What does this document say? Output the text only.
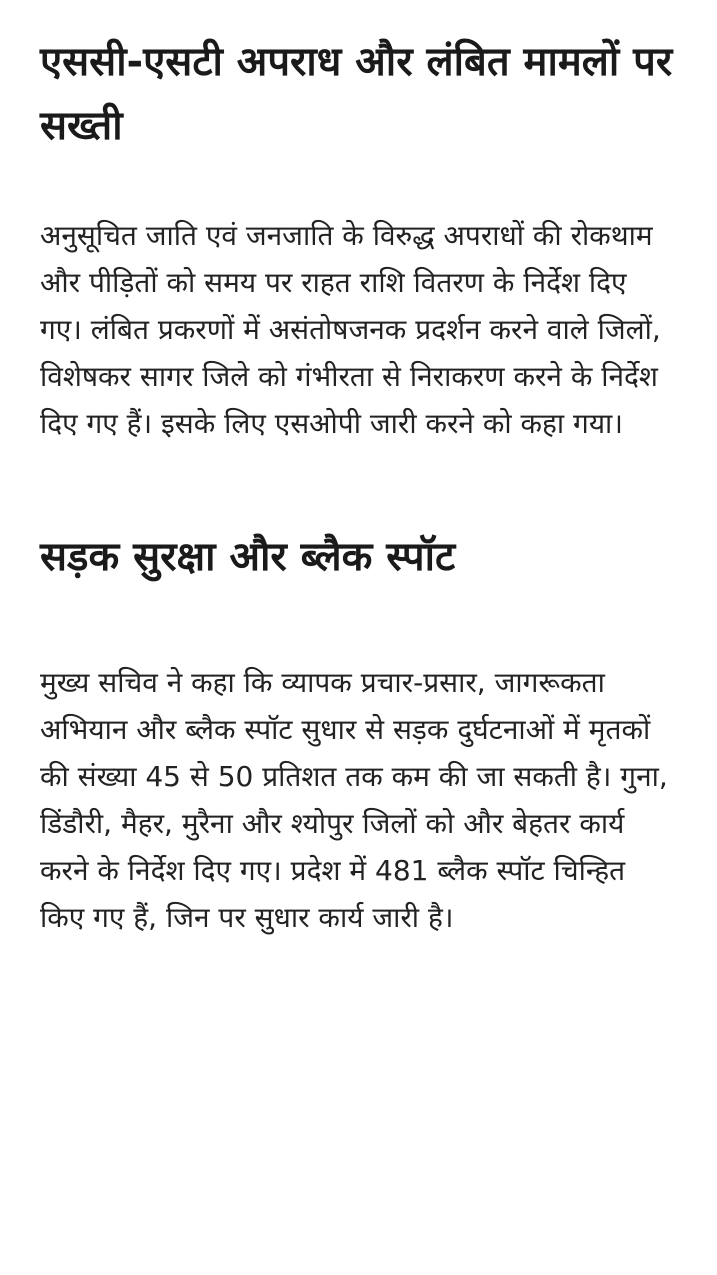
एससी-एसटी अपराध और लंबित मामलों पर सख्ती

अनुसूचित जाति एवं जनजाति के विरुद्ध अपराधों की रोकथाम और पीड़ितों को समय पर राहत राशि वितरण के निर्देश दिए गए। लंबित प्रकरणों में असंतोषजनक प्रदर्शन करने वाले जिलों, विशेषकर सागर जिले को गंभीरता से निराकरण करने के निर्देश दिए गए हैं। इसके लिए एसओपी जारी करने को कहा गया।

सड़क सुरक्षा और ब्लैक स्पॉट

मुख्य सचिव ने कहा कि व्यापक प्रचार-प्रसार, जागरूकता अभियान और ब्लैक स्पॉट सुधार से सड़क दुर्घटनाओं में मृतकों की संख्या 45 से 50 प्रतिशत तक कम की जा सकती है। गुना, डिंडौरी, मैहर, मुरैना और श्योपुर जिलों को और बेहतर कार्य करने के निर्देश दिए गए। प्रदेश में 481 ब्लैक स्पॉट चिन्हित किए गए हैं, जिन पर सुधार कार्य जारी है।
